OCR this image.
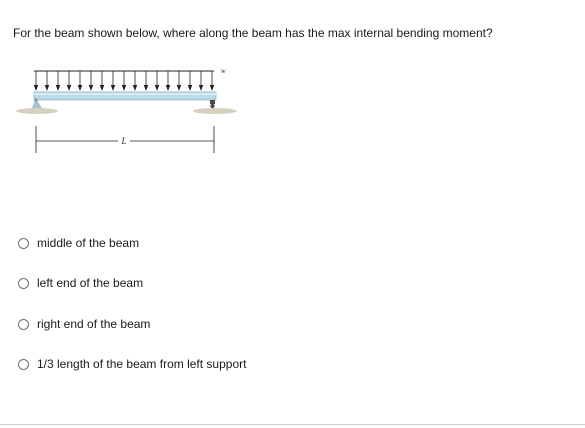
For the beam shown below, where along the beam has the max internal bending moment?
w
L
middle of the beam
left end of the beam
right end of the beam
1/3 length of the beam from left support
